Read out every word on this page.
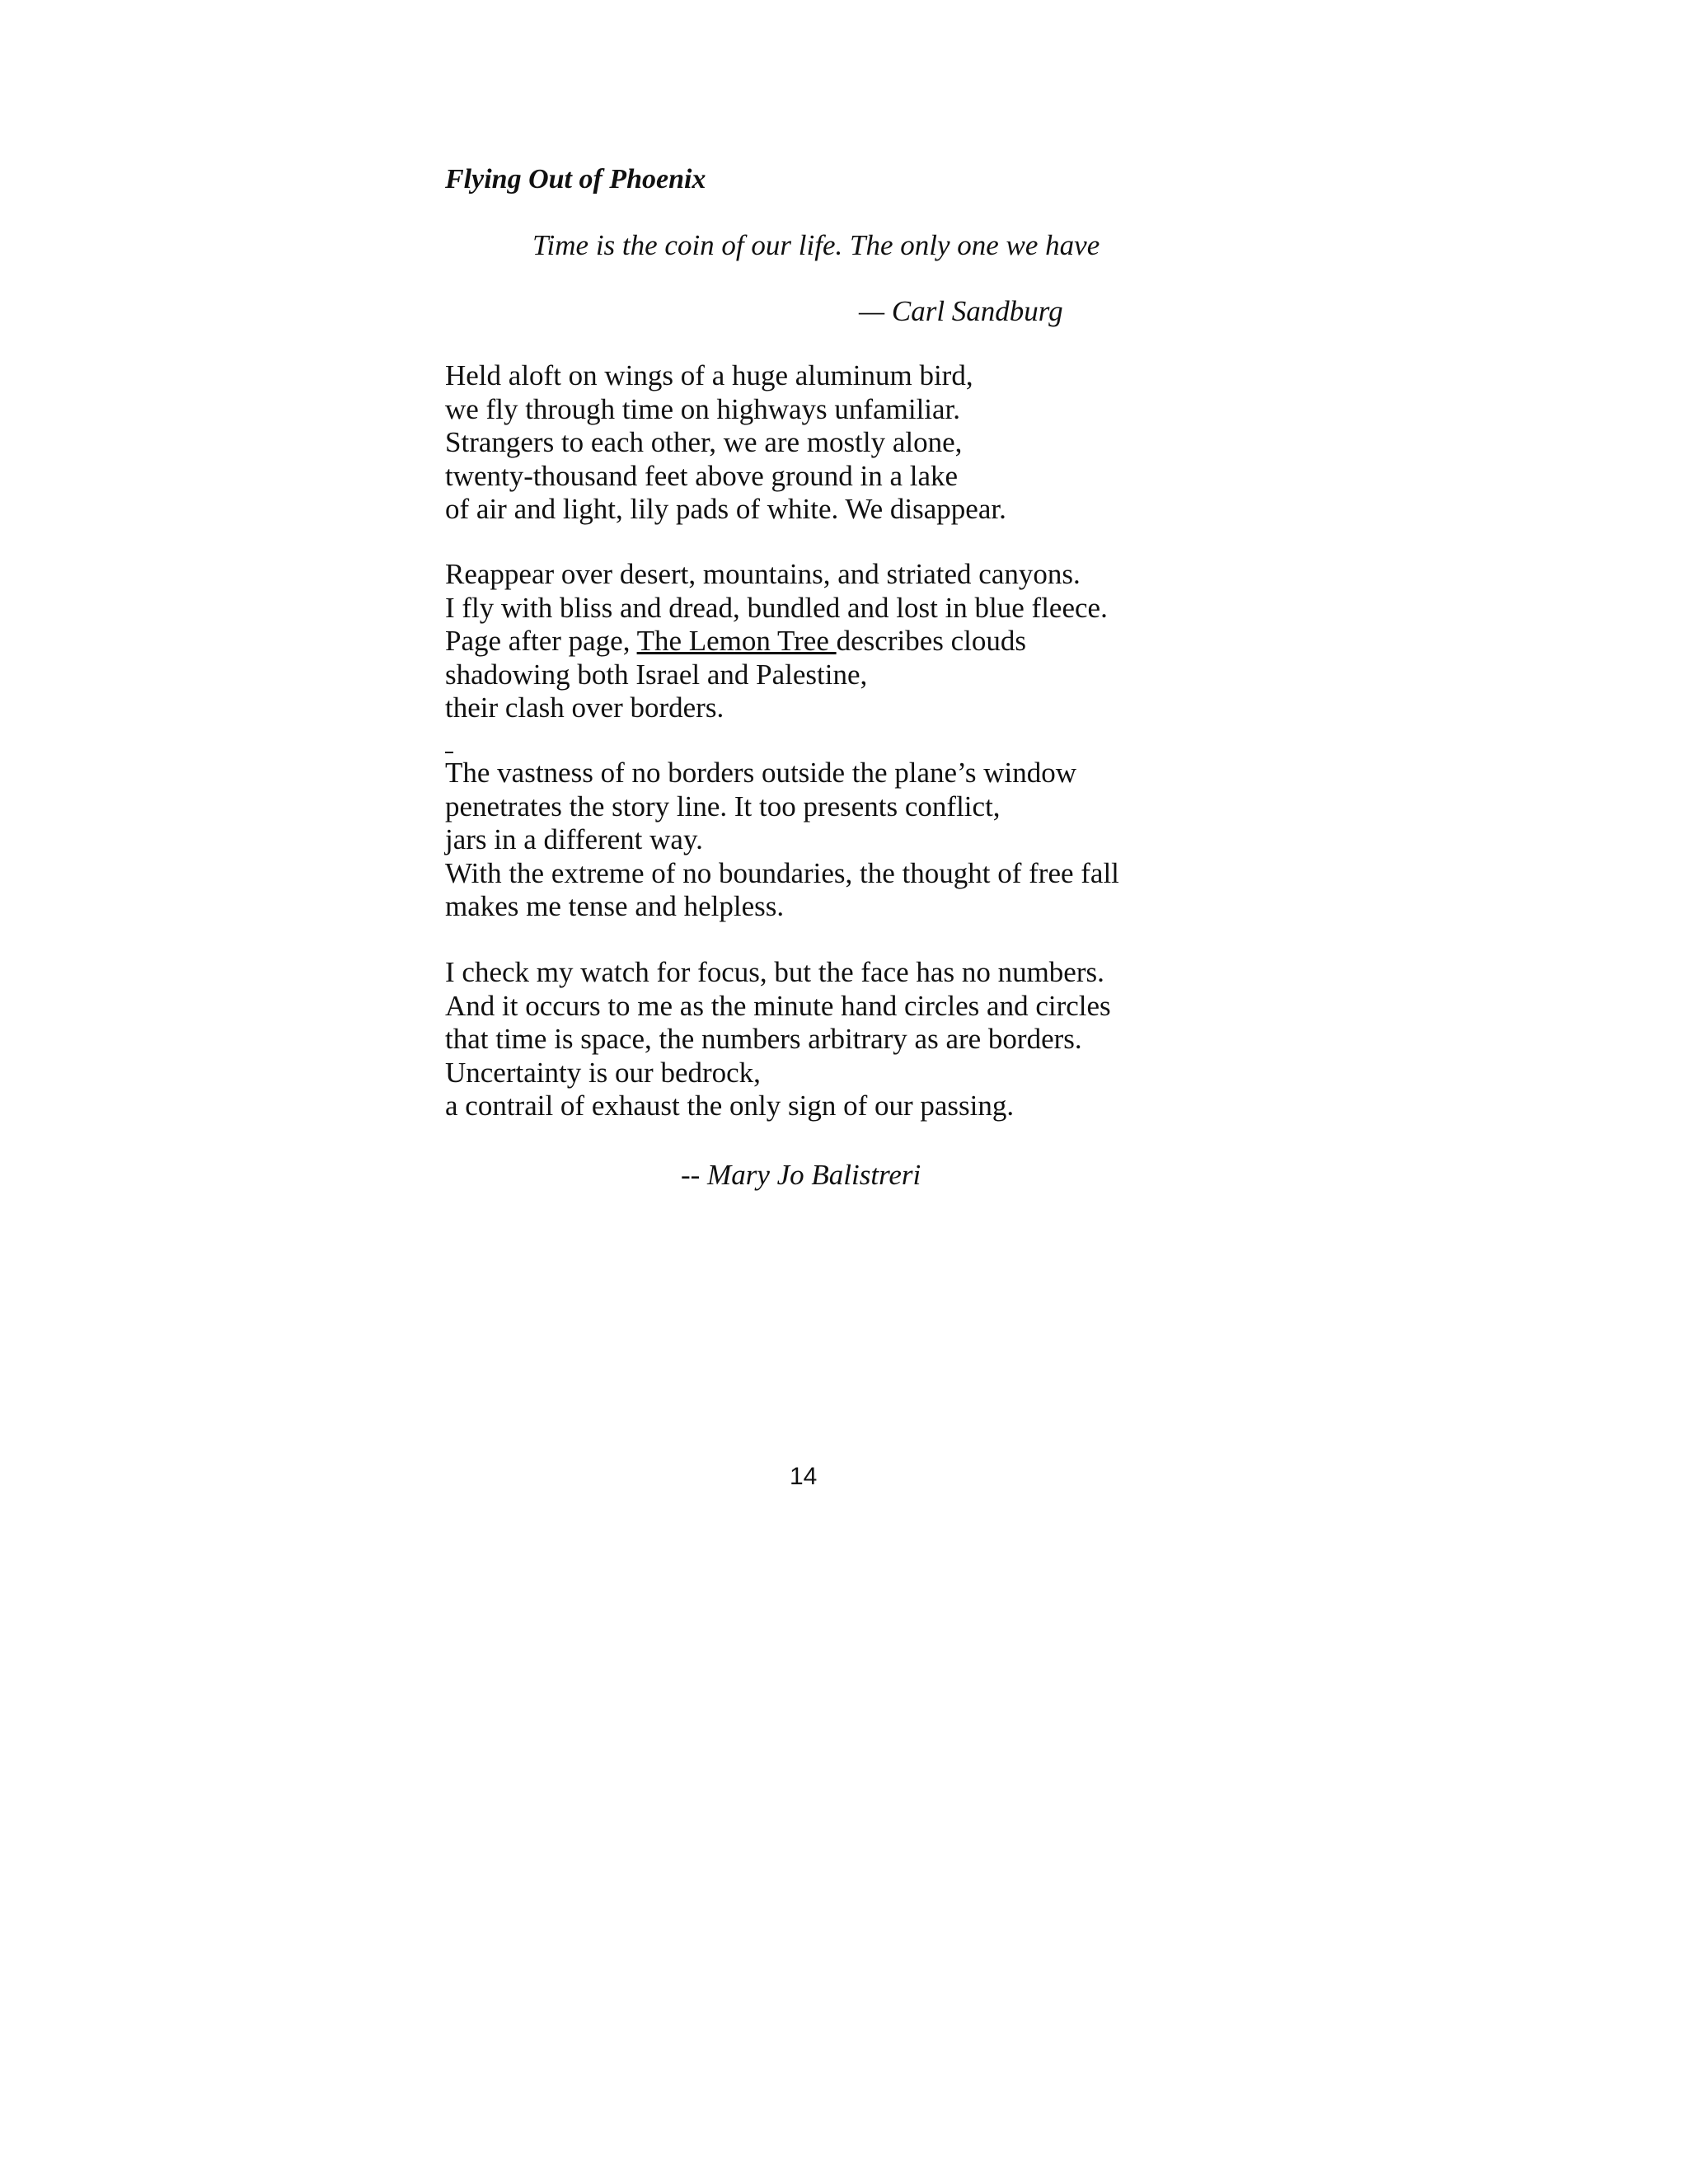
Flying Out of Phoenix

Time is the coin of our life. The only one we have

— Carl Sandburg

Held aloft on wings of a huge aluminum bird,
we fly through time on highways unfamiliar.
Strangers to each other, we are mostly alone,
twenty-thousand feet above ground in a lake
of air and light, lily pads of white. We disappear.
Reappear over desert, mountains, and striated canyons.
I fly with bliss and dread, bundled and lost in blue fleece.
Page after page, The Lemon Tree describes clouds
shadowing both Israel and Palestine,
their clash over borders.
The vastness of no borders outside the plane’s window
penetrates the story line. It too presents conflict,
jars in a different way.
With the extreme of no boundaries, the thought of free fall
makes me tense and helpless.
I check my watch for focus, but the face has no numbers.
And it occurs to me as the minute hand circles and circles
that time is space, the numbers arbitrary as are borders.
Uncertainty is our bedrock,
a contrail of exhaust the only sign of our passing.

-- Mary Jo Balistreri

14
